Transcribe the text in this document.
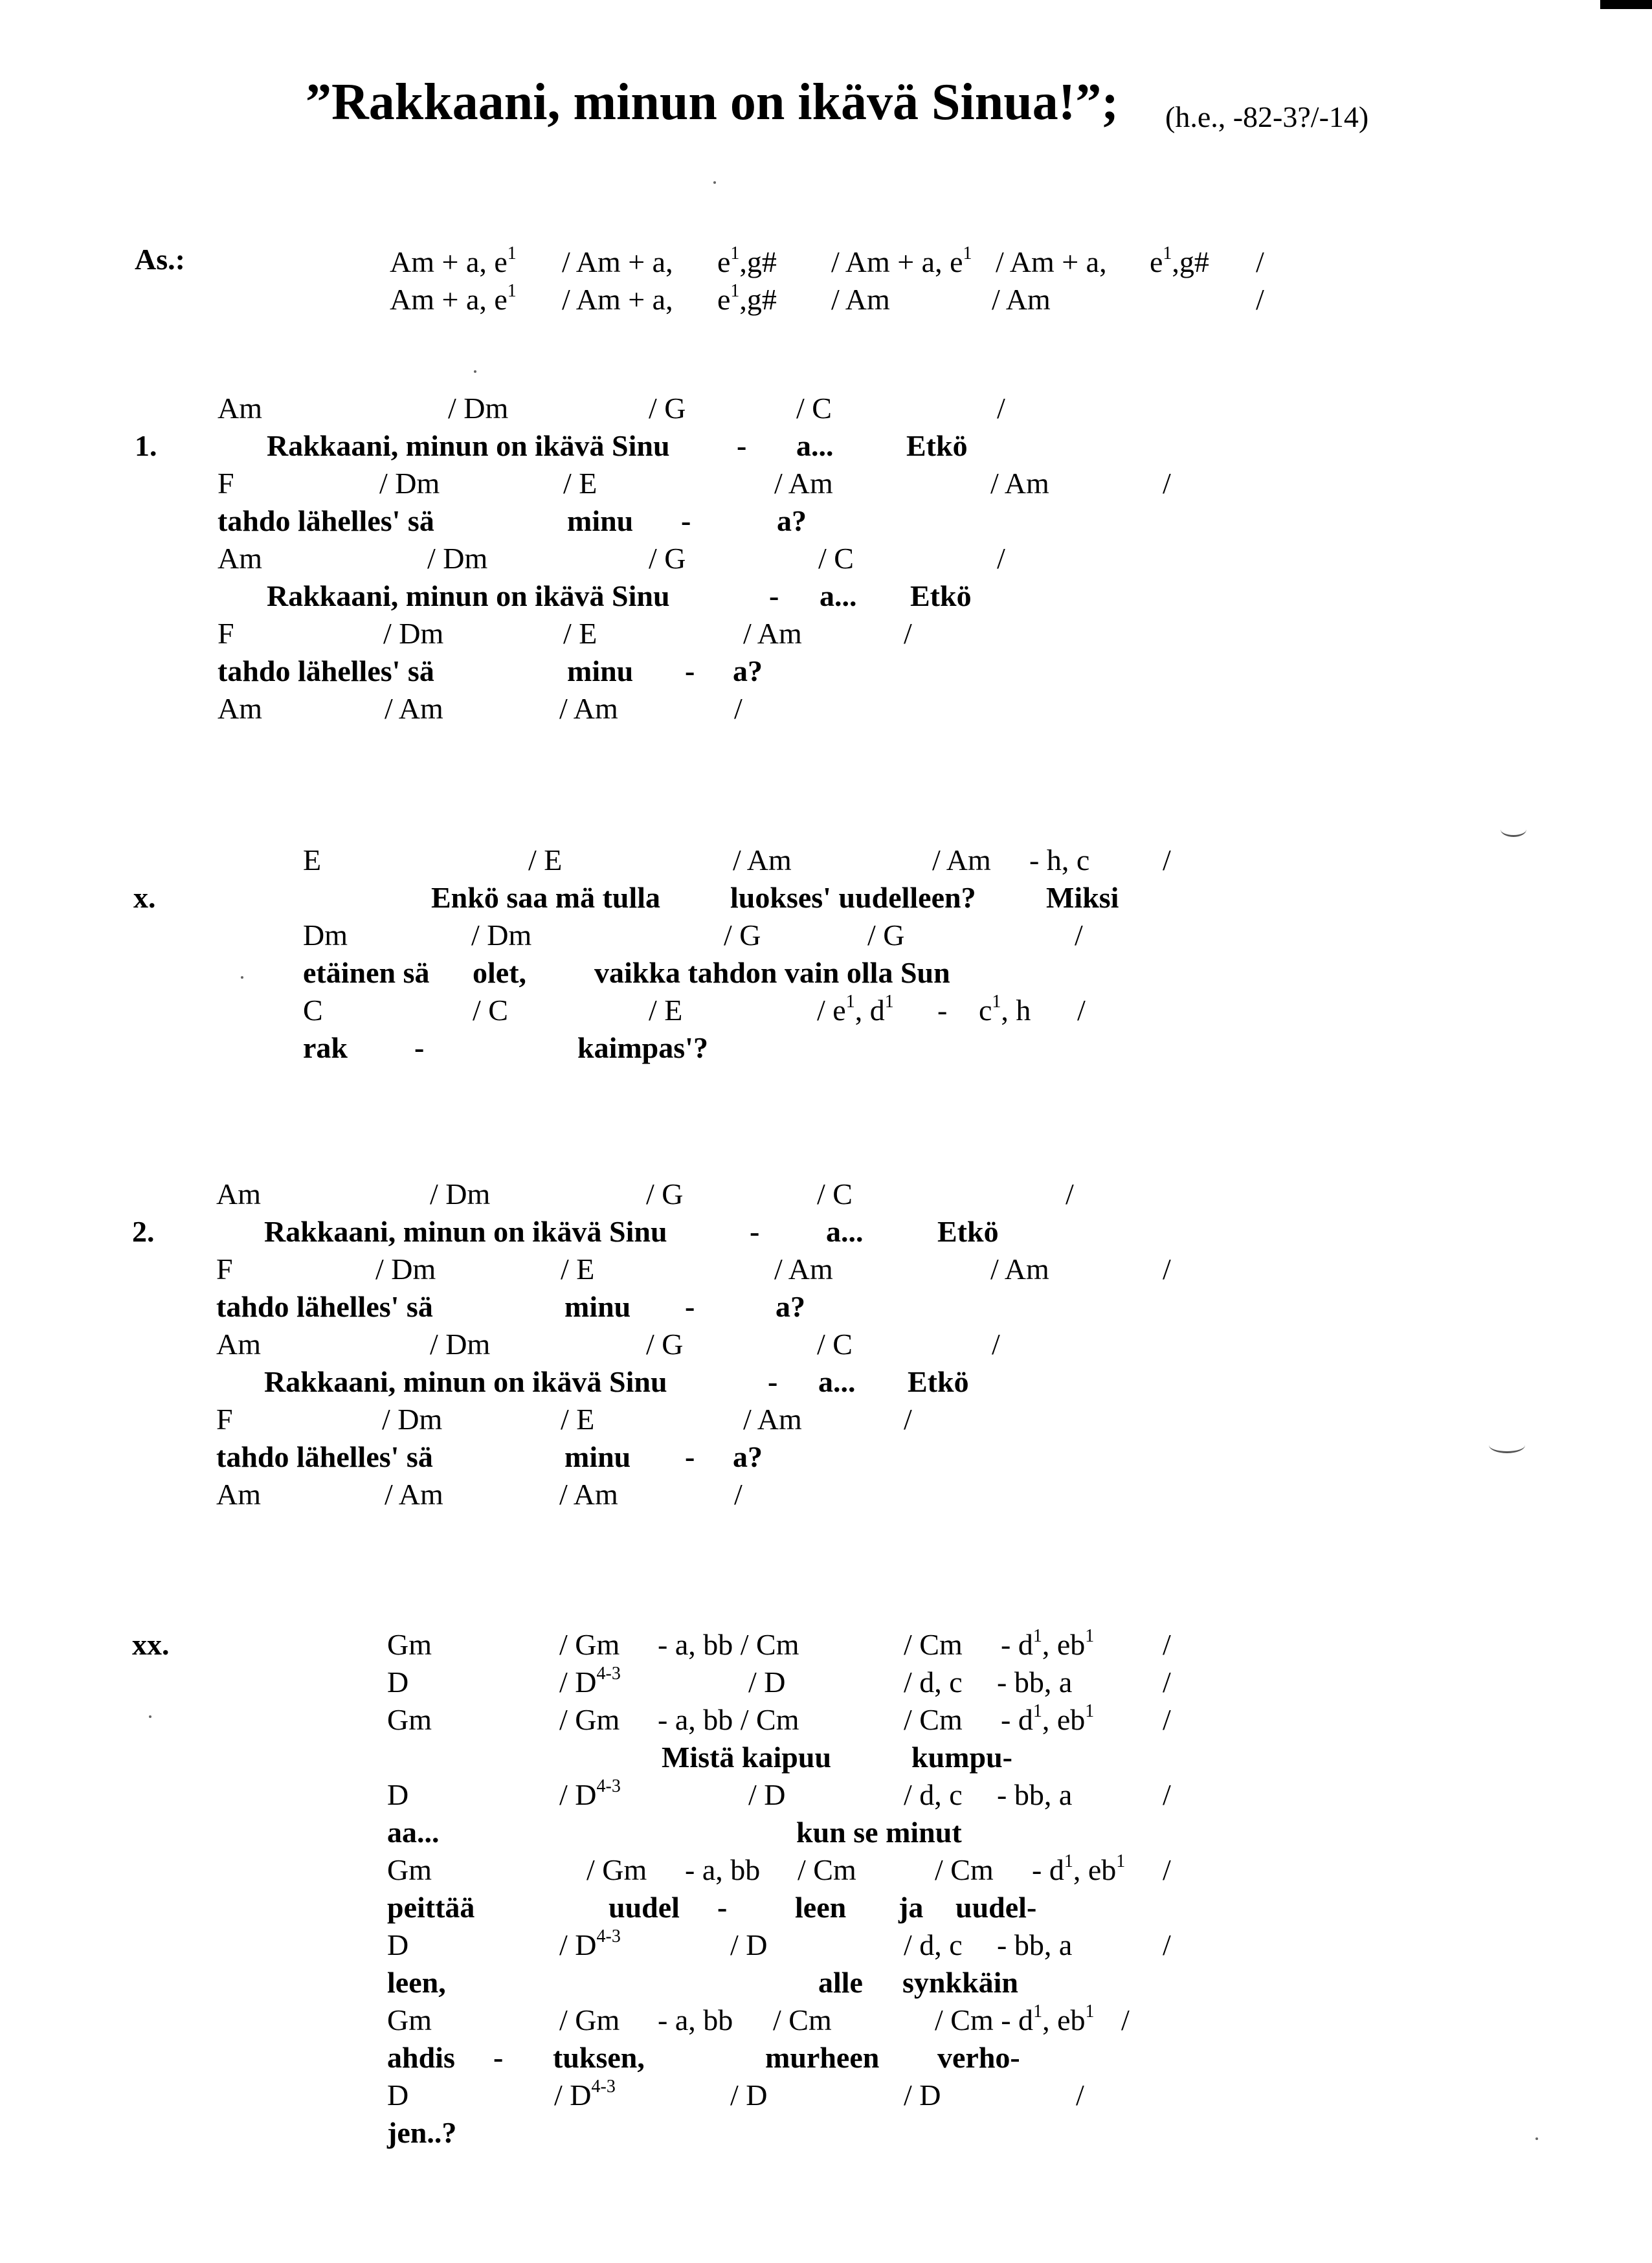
”Rakkaani, minun on ikävä Sinua!”; (h.e., -82-3?/-14)
As.:	Am + a, $e^1 / Am + a$, $e^1,g\# / Am + a$, $e^1 / Am + a$, $e^1,g\#$ /
Am + a, $e^1 / Am + a$, $e^1,g\#$ / Am	/ Am	/
1.
Am	/ Dm	/ G	/ C	/
Rakkaani, minun on ikävä Sinu - a... Etkö
F	/ Dm	/ E	/ Am	/ Am	/
tahdo lähelles' sä	minu -	a?
Am	/ Dm	/ G	/ C	/
Rakkaani, minun on ikävä Sinu	- a... Etkö
F	/ Dm	/ E	/ Am	/
tahdo lähelles' sä	minu - a?
Am	/ Am	/ Am	/
x.
E	/ E	/ Am	/ Am - h, c /
Enkö saa mä tulla luokses' uudelleen? Miksi
Dm	/ Dm	/ G	/ G	/
etäinen sä olet, vaikka tahdon vain olla Sun
C	/ C	/ E	/ $e^1$, $d^1 - c^1$, h /
rak -	kaimpas'?
2.
Am	/ Dm	/ G	/ C	/
Rakkaani, minun on ikävä Sinu	- a... Etkö
F	/ Dm	/ E	/ Am	/ Am	/
tahdo lähelles' sä	minu -	a?
Am	/ Dm	/ G	/ C	/
Rakkaani, minun on ikävä Sinu	- a... Etkö
F	/ Dm	/ E	/ Am	/
tahdo lähelles' sä	minu - a?
Am	/ Am	/ Am	/
xx.	Gm	/ Gm - a, bb / Cm	/ Cm - $d^1$, $eb^1$ /
D	/ $D^{4-3}$	/ D	/ d, c - bb, a	/
Gm	/ Gm - a, bb / Cm	/ Cm - $d^1$, $eb^1$ /
Mistä kaipuu	kumpu-
D	/ $D^{4-3}$	/ D	/ d, c - bb, a	/
aa...	kun se minut
Gm	/ Gm - a, bb / Cm	/ Cm - $d^1$, $eb^1$ /
peittää	uudel - leen ja uudel-
D	/ $D^{4-3}$	/ D	/ d, c - bb, a	/
leen,	alle synkkäin
Gm	/ Gm - a, bb / Cm	/ Cm - $d^1$, $eb^1$ /
ahdis - tuksen,	murheen verho-
D	/ $D^{4-3}$	/ D	/ D	/
jen..?
